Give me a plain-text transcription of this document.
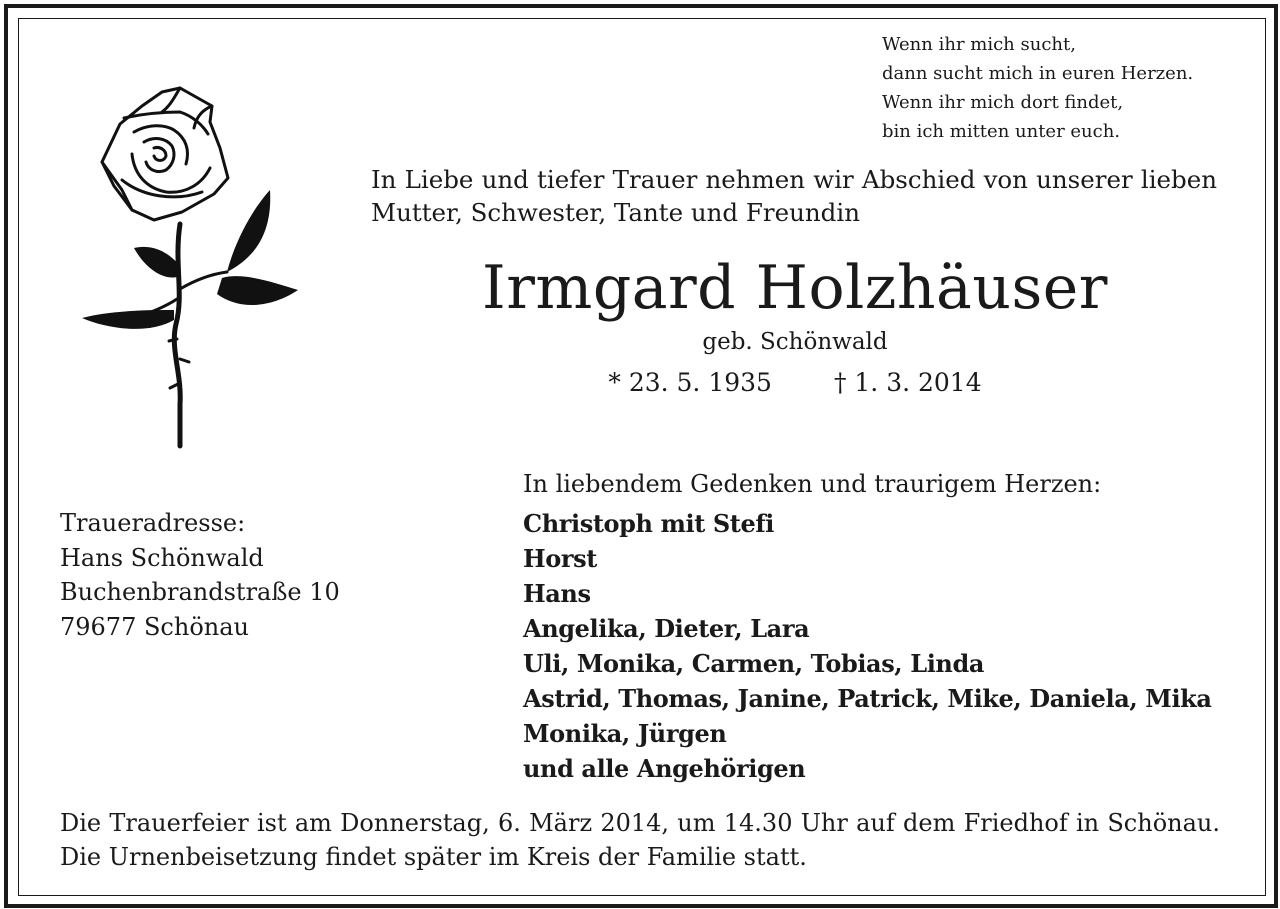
Wenn ihr mich sucht,
dann sucht mich in euren Herzen.
Wenn ihr mich dort findet,
bin ich mitten unter euch.
In Liebe und tiefer Trauer nehmen wir Abschied von unserer lieben
Mutter, Schwester, Tante und Freundin
Irmgard Holzhäuser
geb. Schönwald
* 23. 5. 1935 † 1. 3. 2014
In liebendem Gedenken und traurigem Herzen:
Traueradresse:
Hans Schönwald
Buchenbrandstraße 10
79677 Schönau
Christoph mit Stefi
Horst
Hans
Angelika, Dieter, Lara
Uli, Monika, Carmen, Tobias, Linda
Astrid, Thomas, Janine, Patrick, Mike, Daniela, Mika
Monika, Jürgen
und alle Angehörigen
Die Trauerfeier ist am Donnerstag, 6. März 2014, um 14.30 Uhr auf dem Friedhof in Schönau.
Die Urnenbeisetzung findet später im Kreis der Familie statt.
